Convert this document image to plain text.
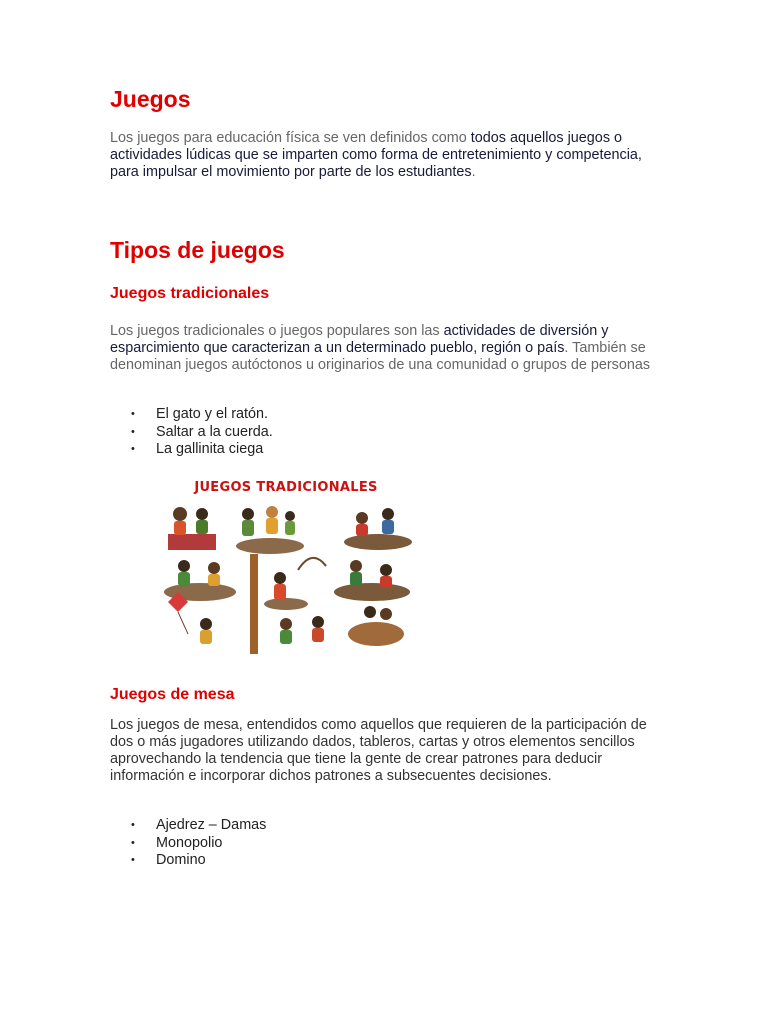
Juegos

Los juegos para educación física se ven definidos como todos aquellos juegos o actividades lúdicas que se imparten como forma de entretenimiento y competencia, para impulsar el movimiento por parte de los estudiantes.

Tipos de juegos
Juegos tradicionales

Los juegos tradicionales o juegos populares son las actividades de diversión y esparcimiento que caracterizan a un determinado pueblo, región o país. También se denominan juegos autóctonos u originarios de una comunidad o grupos de personas

• El gato y el ratón.
• Saltar a la cuerda.
• La gallinita ciega
JUEGOS TRADICIONALES
Juegos de mesa

Los juegos de mesa, entendidos como aquellos que requieren de la participación de dos o más jugadores utilizando dados, tableros, cartas y otros elementos sencillos aprovechando la tendencia que tiene la gente de crear patrones para deducir información e incorporar dichos patrones a subsecuentes decisiones.

• Ajedrez – Damas
• Monopolio
• Domino
